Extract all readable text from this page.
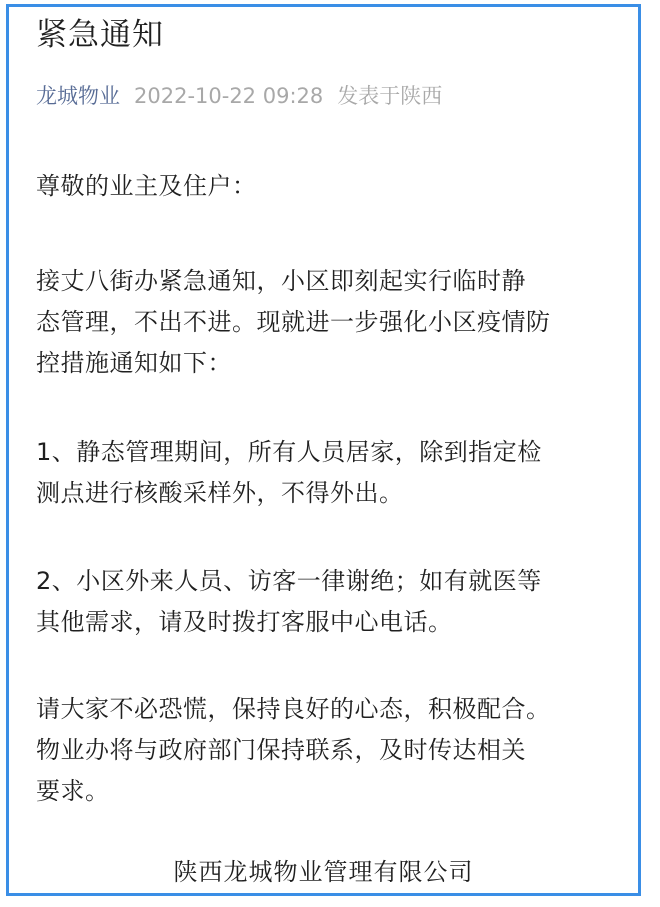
紧急通知
龙城物业 2022-10-22 09:28 发表于陕西

尊敬的业主及住户：

接丈八街办紧急通知，小区即刻起实行临时静
态管理，不出不进。现就进一步强化小区疫情防
控措施通知如下：

1、静态管理期间，所有人员居家，除到指定检
测点进行核酸采样外，不得外出。

2、小区外来人员、访客一律谢绝；如有就医等
其他需求，请及时拨打客服中心电话。

请大家不必恐慌，保持良好的心态，积极配合。
物业办将与政府部门保持联系，及时传达相关
要求。

陕西龙城物业管理有限公司
